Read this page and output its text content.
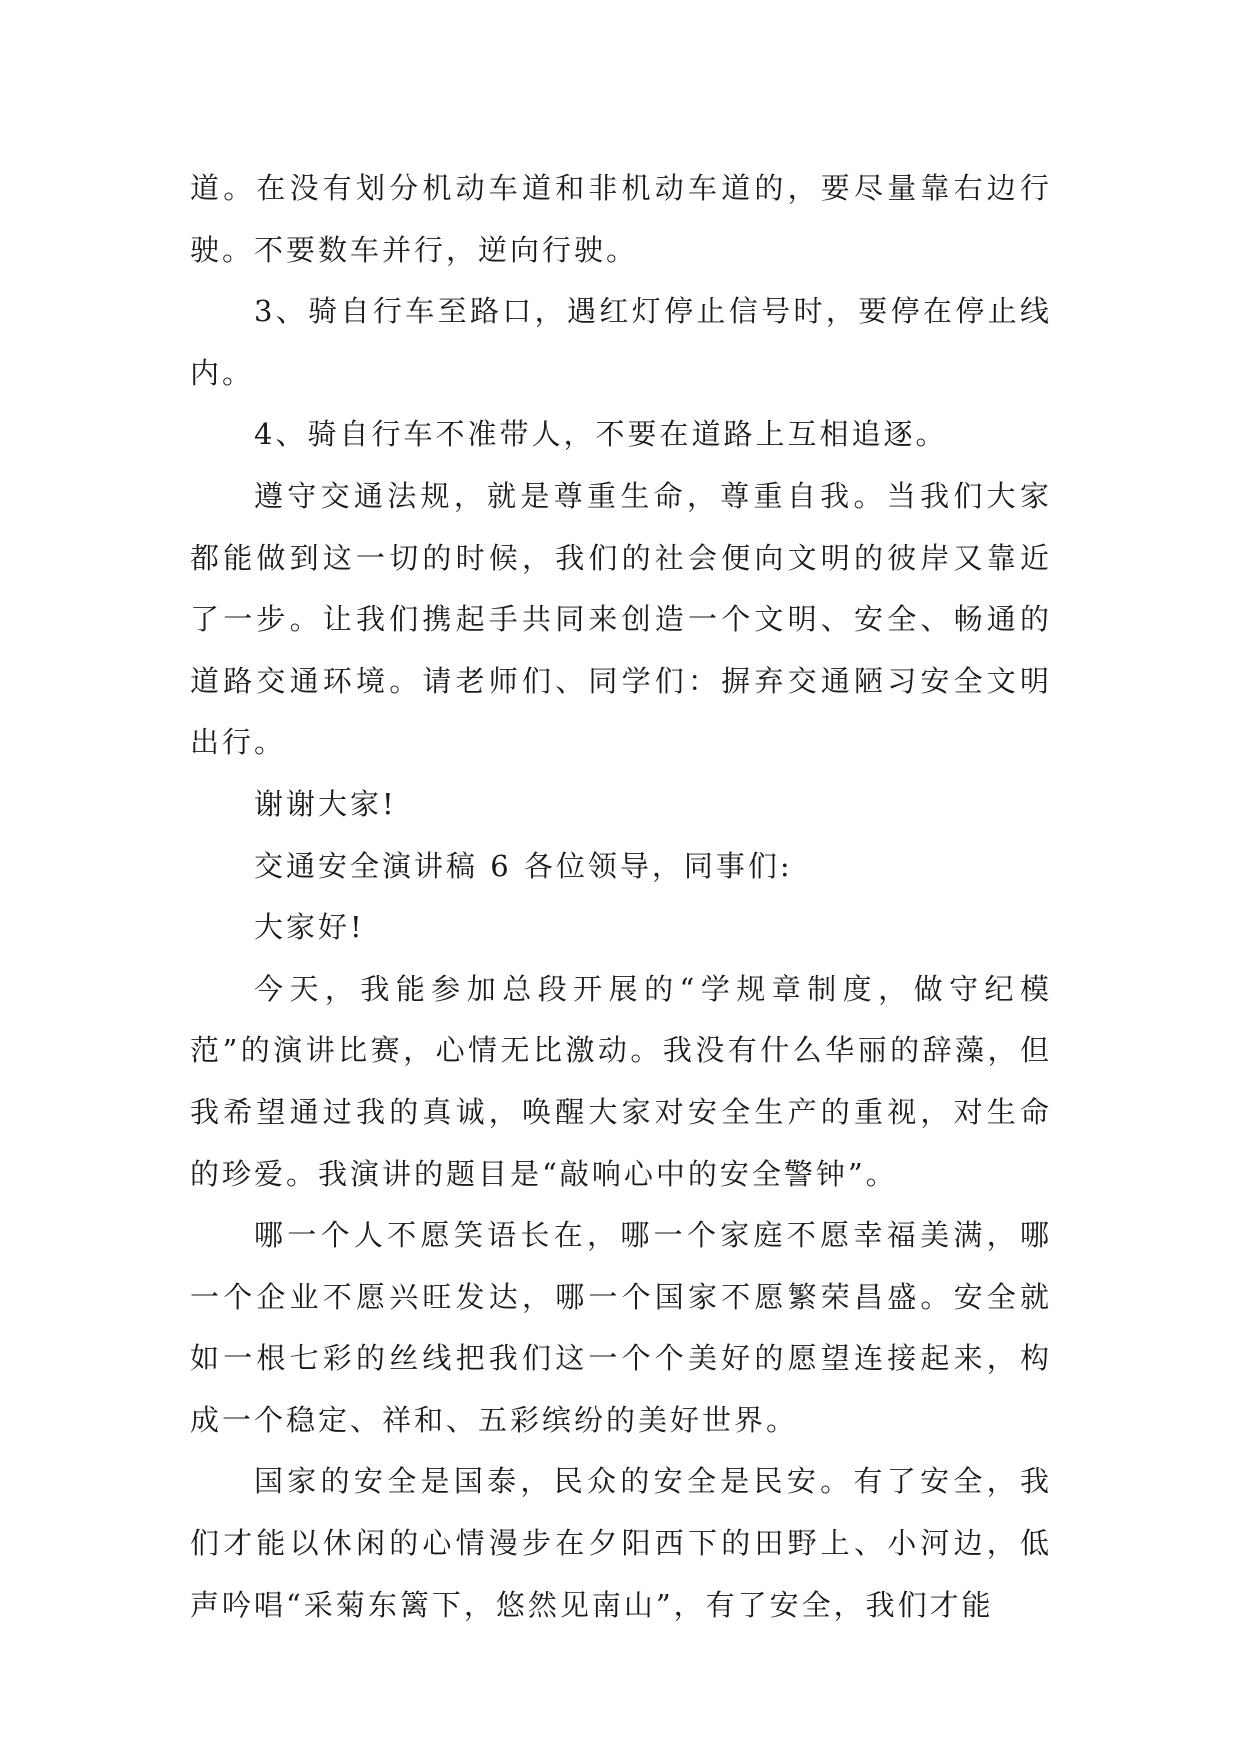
道。在没有划分机动车道和非机动车道的，要尽量靠右边行驶。不要数车并行，逆向行驶。

3、骑自行车至路口，遇红灯停止信号时，要停在停止线内。

4、骑自行车不准带人，不要在道路上互相追逐。

遵守交通法规，就是尊重生命，尊重自我。当我们大家都能做到这一切的时候，我们的社会便向文明的彼岸又靠近了一步。让我们携起手共同来创造一个文明、安全、畅通的道路交通环境。请老师们、同学们：摒弃交通陋习安全文明出行。

谢谢大家!

交通安全演讲稿 6 各位领导，同事们:

大家好!

今天，我能参加总段开展的“学规章制度，做守纪模范”的演讲比赛，心情无比激动。我没有什么华丽的辞藻，但我希望通过我的真诚，唤醒大家对安全生产的重视，对生命的珍爱。我演讲的题目是“敲响心中的安全警钟”。

哪一个人不愿笑语长在，哪一个家庭不愿幸福美满，哪一个企业不愿兴旺发达，哪一个国家不愿繁荣昌盛。安全就如一根七彩的丝线把我们这一个个美好的愿望连接起来，构成一个稳定、祥和、五彩缤纷的美好世界。

国家的安全是国泰，民众的安全是民安。有了安全，我们才能以休闲的心情漫步在夕阳西下的田野上、小河边，低声吟唱“采菊东篱下，悠然见南山”，有了安全，我们才能
